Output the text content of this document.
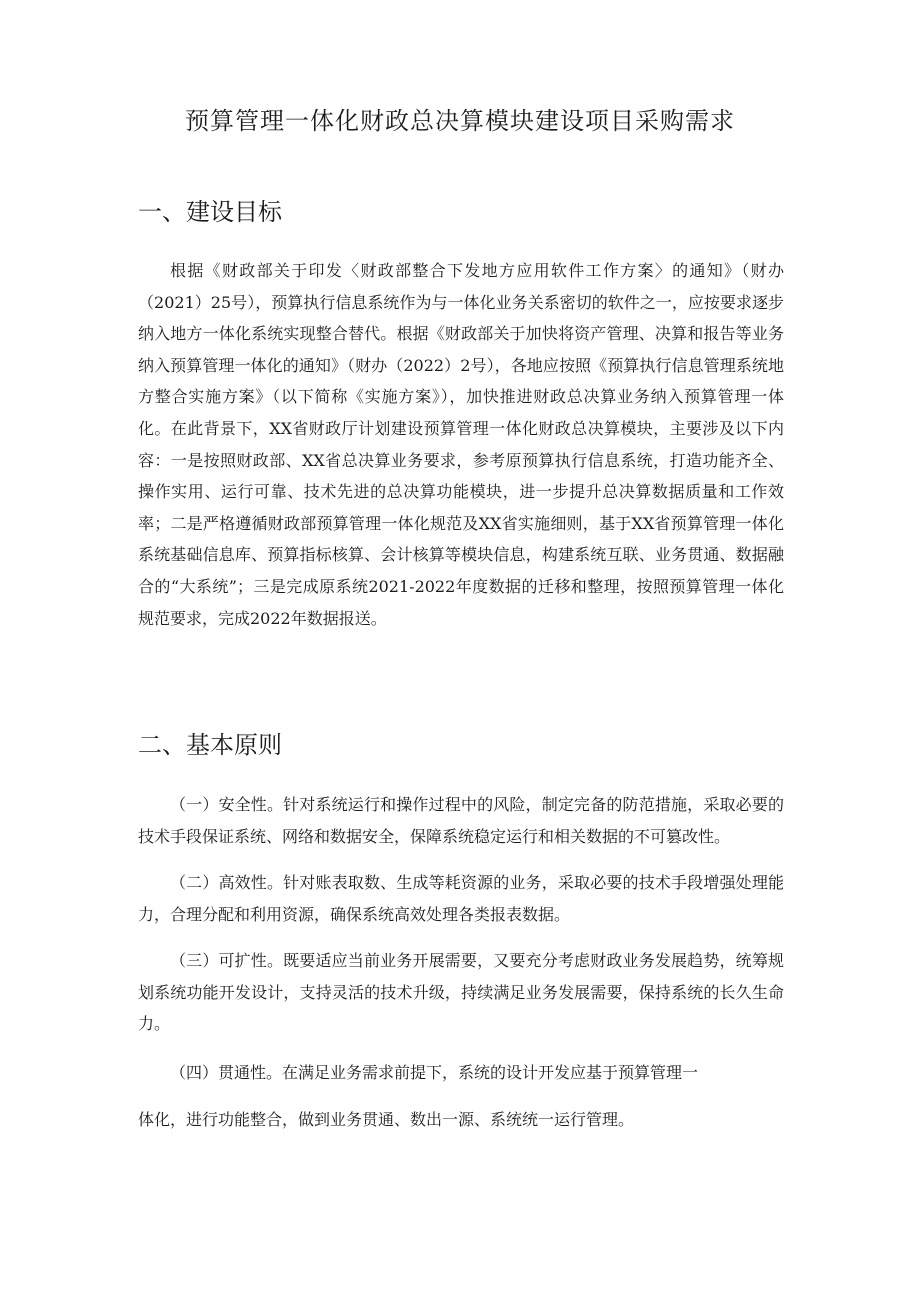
预算管理一体化财政总决算模块建设项目采购需求
一、建设目标

根据《财政部关于印发〈财政部整合下发地方应用软件工作方案〉的通知》（财办（2021）25号），预算执行信息系统作为与一体化业务关系密切的软件之一，应按要求逐步纳入地方一体化系统实现整合替代。根据《财政部关于加快将资产管理、决算和报告等业务纳入预算管理一体化的通知》（财办（2022）2号），各地应按照《预算执行信息管理系统地方整合实施方案》（以下简称《实施方案》），加快推进财政总决算业务纳入预算管理一体化。在此背景下，XX省财政厅计划建设预算管理一体化财政总决算模块，主要涉及以下内容：一是按照财政部、XX省总决算业务要求，参考原预算执行信息系统，打造功能齐全、操作实用、运行可靠、技术先进的总决算功能模块，进一步提升总决算数据质量和工作效率；二是严格遵循财政部预算管理一体化规范及XX省实施细则，基于XX省预算管理一体化系统基础信息库、预算指标核算、会计核算等模块信息，构建系统互联、业务贯通、数据融合的“大系统”；三是完成原系统2021-2022年度数据的迁移和整理，按照预算管理一体化规范要求，完成2022年数据报送。

二、基本原则

（一）安全性。针对系统运行和操作过程中的风险，制定完备的防范措施，采取必要的技术手段保证系统、网络和数据安全，保障系统稳定运行和相关数据的不可篡改性。

（二）高效性。针对账表取数、生成等耗资源的业务，采取必要的技术手段增强处理能力，合理分配和利用资源，确保系统高效处理各类报表数据。

（三）可扩性。既要适应当前业务开展需要，又要充分考虑财政业务发展趋势，统筹规划系统功能开发设计，支持灵活的技术升级，持续满足业务发展需要，保持系统的长久生命力。

（四）贯通性。在满足业务需求前提下，系统的设计开发应基于预算管理一

体化，进行功能整合，做到业务贯通、数出一源、系统统一运行管理。
